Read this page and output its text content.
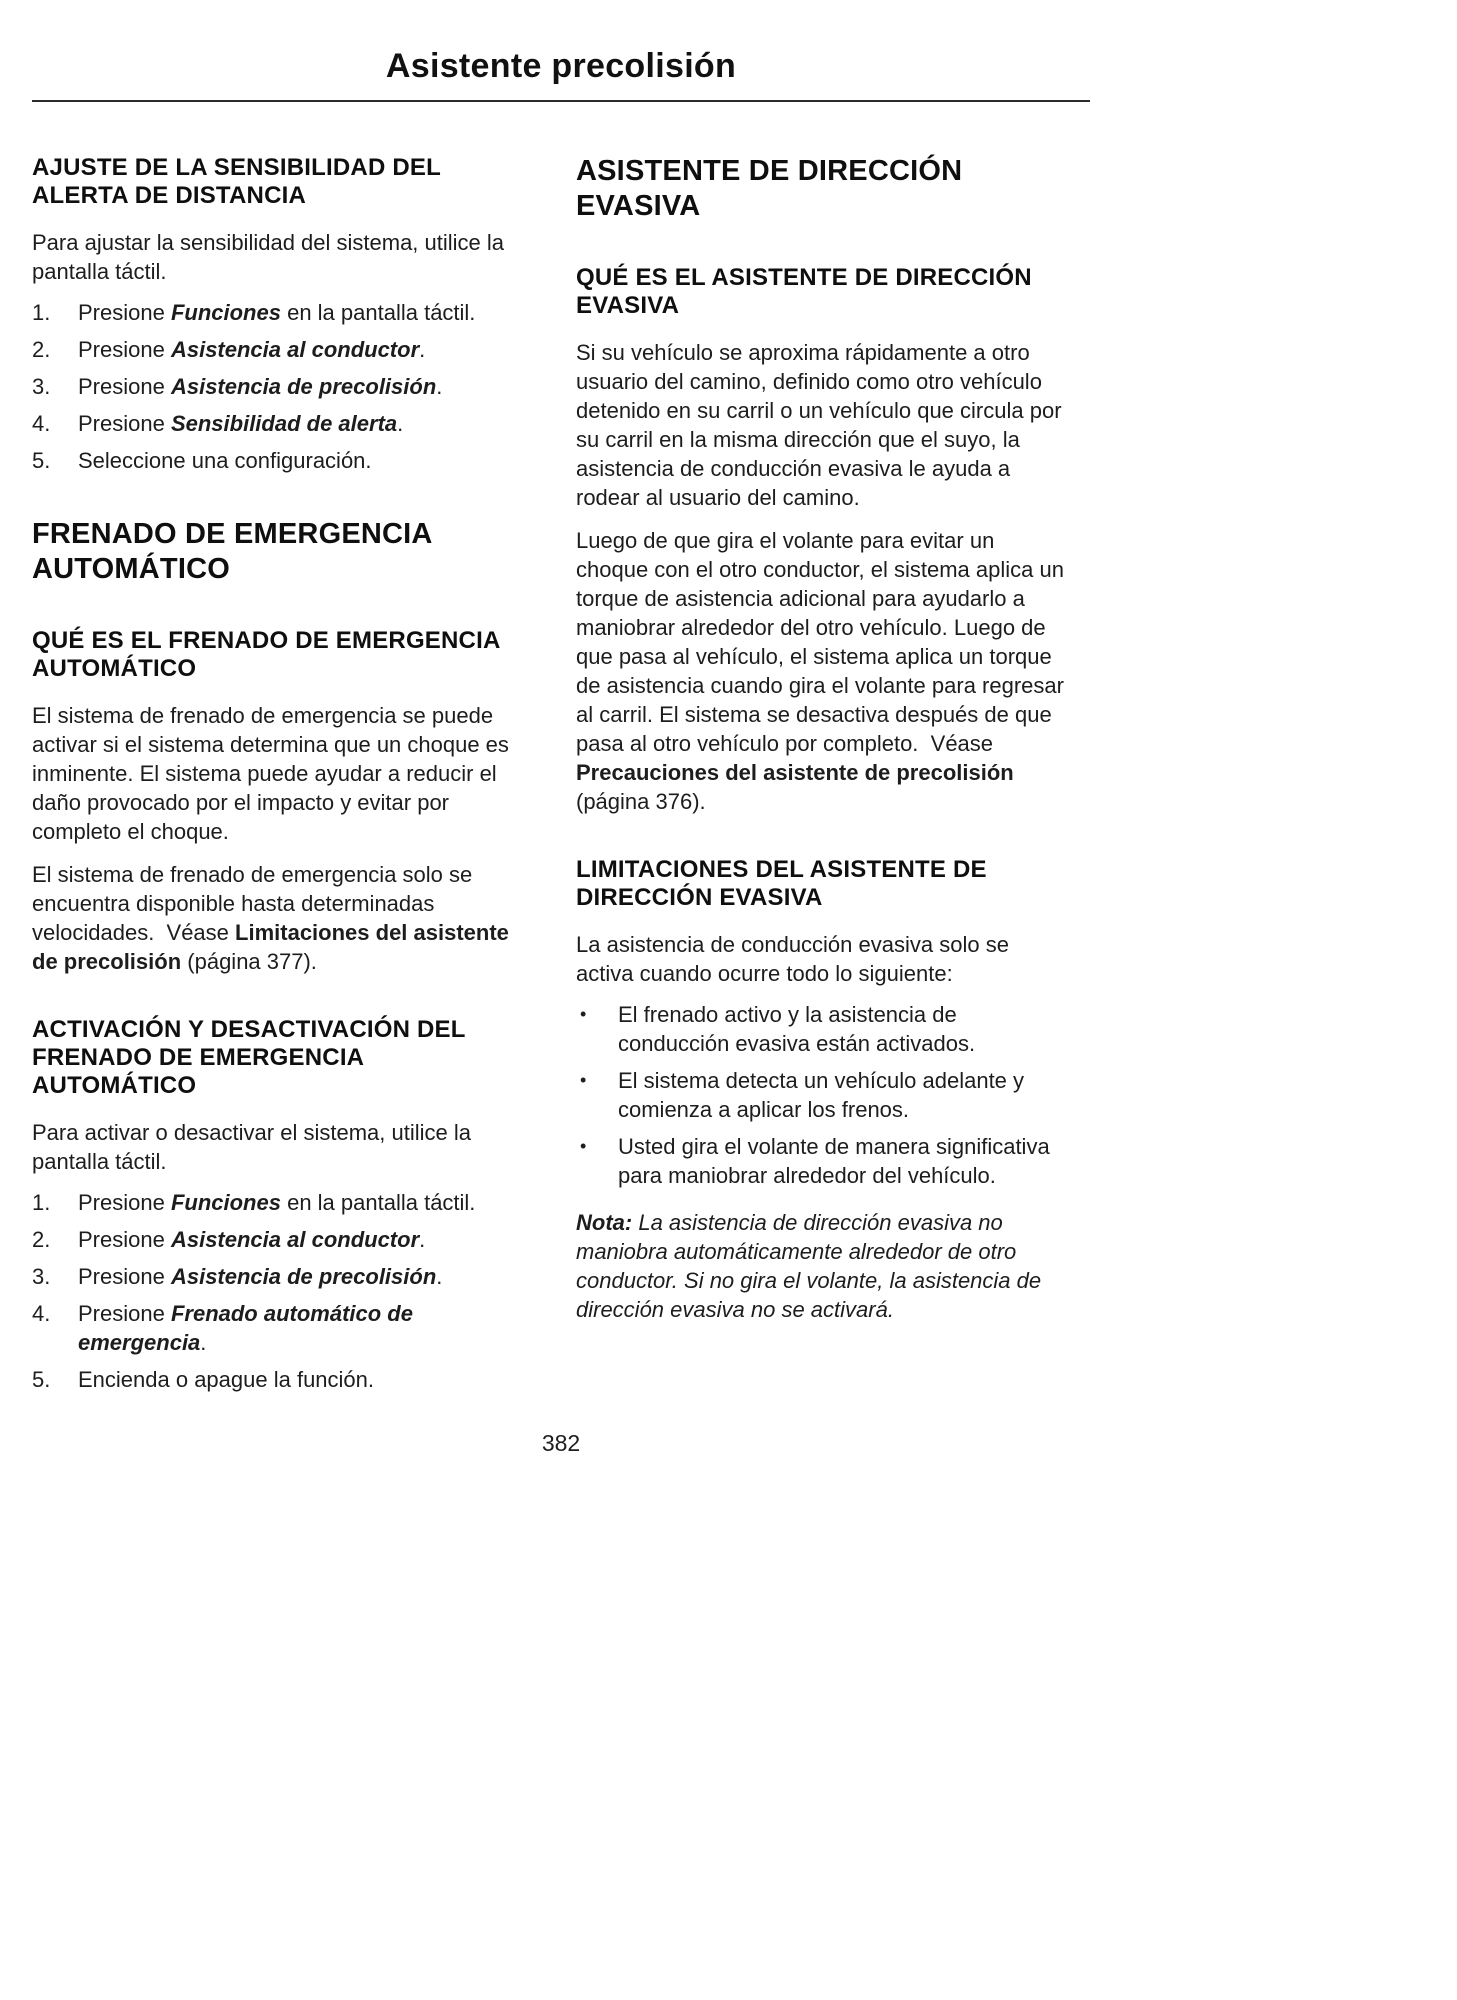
Asistente precolisión
AJUSTE DE LA SENSIBILIDAD DEL ALERTA DE DISTANCIA

Para ajustar la sensibilidad del sistema, utilice la pantalla táctil.

1.	Presione Funciones en la pantalla táctil.
2.	Presione Asistencia al conductor.
3.	Presione Asistencia de precolisión.
4.	Presione Sensibilidad de alerta.
5.	Seleccione una configuración.
FRENADO DE EMERGENCIA AUTOMÁTICO
QUÉ ES EL FRENADO DE EMERGENCIA AUTOMÁTICO

El sistema de frenado de emergencia se puede activar si el sistema determina que un choque es inminente. El sistema puede ayudar a reducir el daño provocado por el impacto y evitar por completo el choque.

El sistema de frenado de emergencia solo se encuentra disponible hasta determinadas velocidades.  Véase Limitaciones del asistente de precolisión (página 377).

ACTIVACIÓN Y DESACTIVACIÓN DEL FRENADO DE EMERGENCIA AUTOMÁTICO

Para activar o desactivar el sistema, utilice la pantalla táctil.

1.	Presione Funciones en la pantalla táctil.
2.	Presione Asistencia al conductor.
3.	Presione Asistencia de precolisión.
4.	Presione Frenado automático de emergencia.
5.	Encienda o apague la función.
ASISTENTE DE DIRECCIÓN EVASIVA
QUÉ ES EL ASISTENTE DE DIRECCIÓN EVASIVA

Si su vehículo se aproxima rápidamente a otro usuario del camino, definido como otro vehículo detenido en su carril o un vehículo que circula por su carril en la misma dirección que el suyo, la asistencia de conducción evasiva le ayuda a rodear al usuario del camino.

Luego de que gira el volante para evitar un choque con el otro conductor, el sistema aplica un torque de asistencia adicional para ayudarlo a maniobrar alrededor del otro vehículo. Luego de que pasa al vehículo, el sistema aplica un torque de asistencia cuando gira el volante para regresar al carril. El sistema se desactiva después de que pasa al otro vehículo por completo.  Véase Precauciones del asistente de precolisión (página 376).

LIMITACIONES DEL ASISTENTE DE DIRECCIÓN EVASIVA

La asistencia de conducción evasiva solo se activa cuando ocurre todo lo siguiente:

•	El frenado activo y la asistencia de conducción evasiva están activados.
•	El sistema detecta un vehículo adelante y comienza a aplicar los frenos.
•	Usted gira el volante de manera significativa para maniobrar alrededor del vehículo.

Nota: La asistencia de dirección evasiva no maniobra automáticamente alrededor de otro conductor. Si no gira el volante, la asistencia de dirección evasiva no se activará.

382
